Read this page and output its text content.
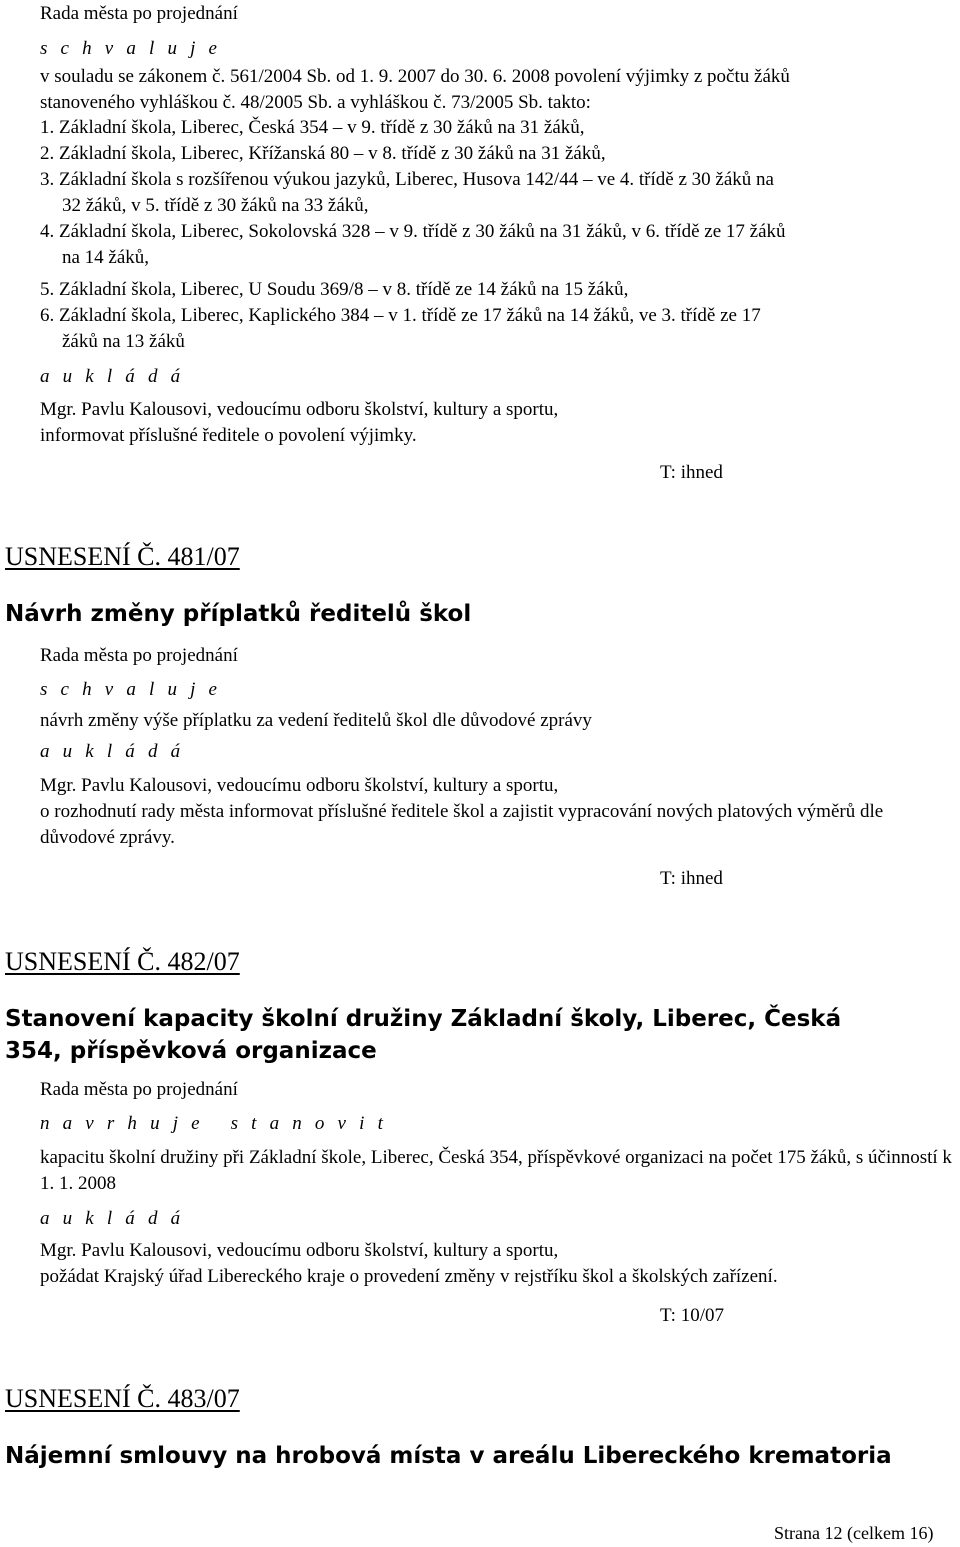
Rada města po projednání
s c h v a l u j e
v souladu se zákonem č. 561/2004 Sb. od 1. 9. 2007 do 30. 6. 2008 povolení výjimky z počtu žáků
stanoveného vyhláškou č. 48/2005 Sb. a vyhláškou č. 73/2005 Sb. takto:
1. Základní škola, Liberec, Česká 354 – v 9. třídě z 30 žáků na 31 žáků,
2. Základní škola, Liberec, Křížanská 80 – v 8. třídě z 30 žáků na 31 žáků,
3. Základní škola s rozšířenou výukou jazyků, Liberec, Husova 142/44 – ve 4. třídě z 30 žáků na
32 žáků, v 5. třídě z 30 žáků na 33 žáků,
4. Základní škola, Liberec, Sokolovská 328 – v 9. třídě z 30 žáků na 31 žáků, v 6. třídě ze 17 žáků
na 14 žáků,
5. Základní škola, Liberec, U Soudu 369/8 – v 8. třídě ze 14 žáků na 15 žáků,
6. Základní škola, Liberec, Kaplického 384 – v 1. třídě ze 17 žáků na 14 žáků, ve 3. třídě ze 17
žáků na 13 žáků
a u k l á d á
Mgr. Pavlu Kalousovi, vedoucímu odboru školství, kultury a sportu,
informovat příslušné ředitele o povolení výjimky.
T: ihned
USNESENÍ Č. 481/07
Návrh změny příplatků ředitelů škol
Rada města po projednání
s c h v a l u j e
návrh změny výše příplatku za vedení ředitelů škol dle důvodové zprávy
a u k l á d á
Mgr. Pavlu Kalousovi, vedoucímu odboru školství, kultury a sportu,
o rozhodnutí rady města informovat příslušné ředitele škol a zajistit vypracování nových platových výměrů dle důvodové zprávy.
T: ihned
USNESENÍ Č. 482/07
Stanovení kapacity školní družiny Základní školy, Liberec, Česká 354, příspěvková organizace
Rada města po projednání
n a v r h u j e   s t a n o v i t
kapacitu školní družiny při Základní škole, Liberec, Česká 354, příspěvkové organizaci na počet 175 žáků, s účinností k 1. 1. 2008
a u k l á d á
Mgr. Pavlu Kalousovi, vedoucímu odboru školství, kultury a sportu,
požádat Krajský úřad Libereckého kraje o provedení změny v rejstříku škol a školských zařízení.
T: 10/07
USNESENÍ Č. 483/07
Nájemní smlouvy na hrobová místa v areálu Libereckého krematoria
Strana 12 (celkem 16)
